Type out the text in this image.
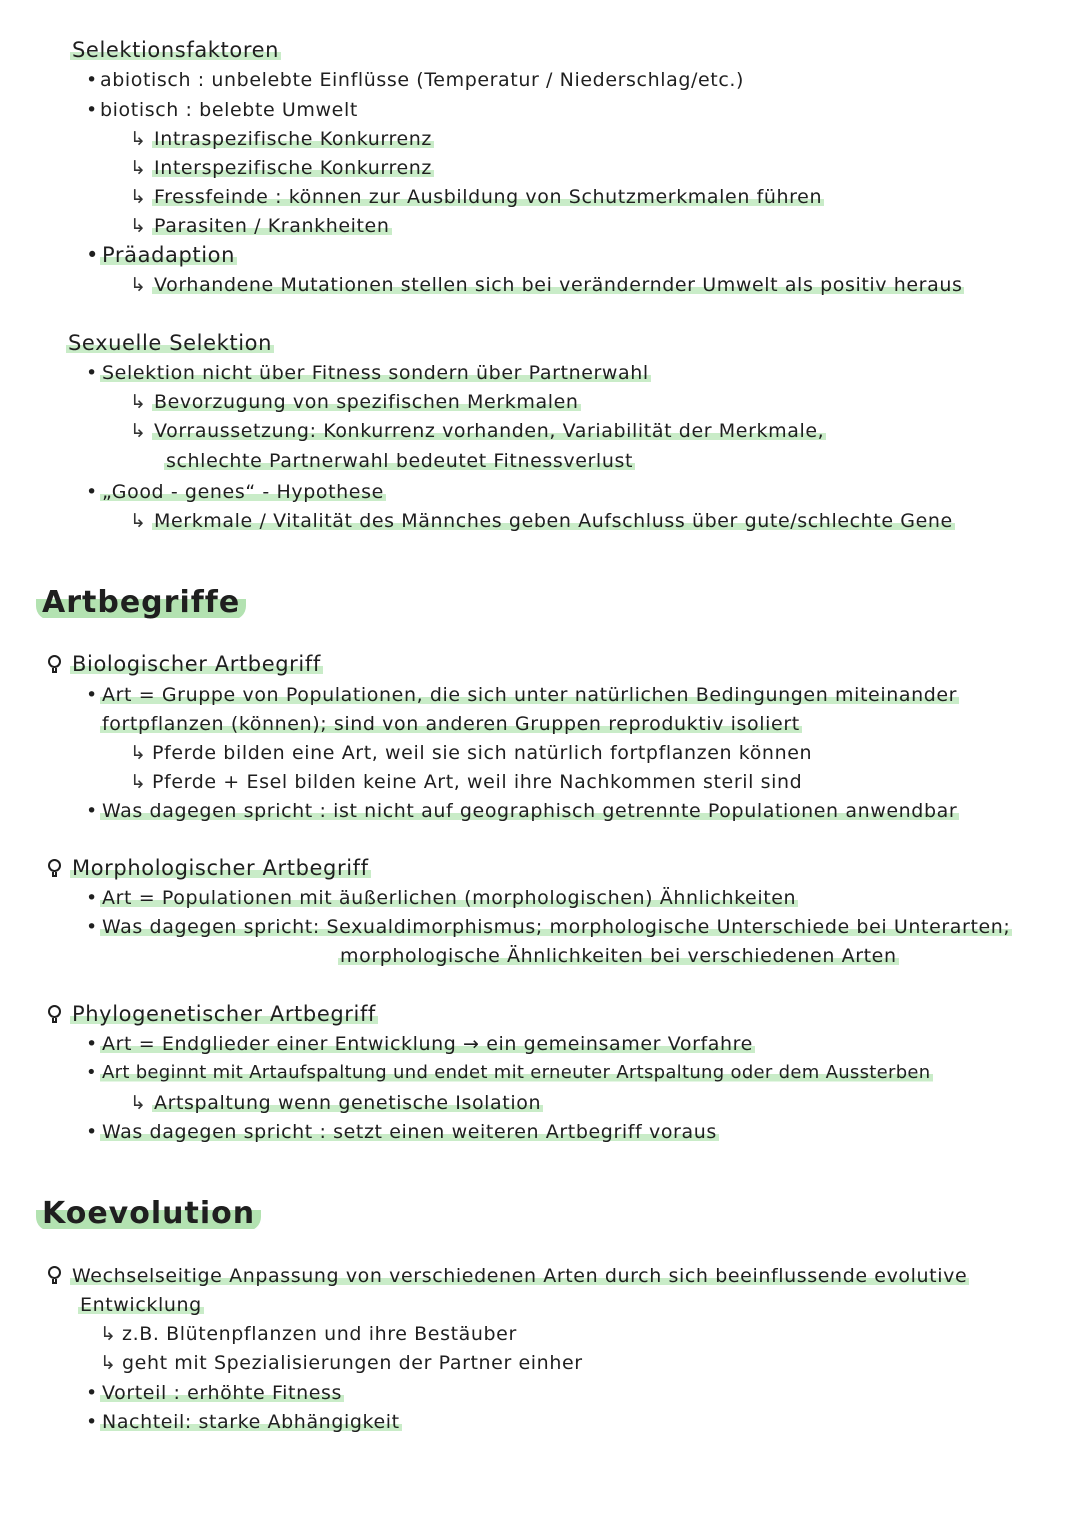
Selektionsfaktoren
• abiotisch : unbelebte Einflüsse (Temperatur / Niederschlag/etc.)
• biotisch : belebte Umwelt
↳ Intraspezifische Konkurrenz
↳ Interspezifische Konkurrenz
↳ Fressfeinde : können zur Ausbildung von Schutzmerkmalen führen
↳ Parasiten / Krankheiten
• Präadaption
↳ Vorhandene Mutationen stellen sich bei verändernder Umwelt als positiv heraus
Sexuelle Selektion
• Selektion nicht über Fitness sondern über Partnerwahl
↳ Bevorzugung von spezifischen Merkmalen
↳ Vorraussetzung: Konkurrenz vorhanden, Variabilität der Merkmale,
schlechte Partnerwahl bedeutet Fitnessverlust
• „Good - genes“ - Hypothese
↳ Merkmale / Vitalität des Männches geben Aufschluss über gute/schlechte Gene
Artbegriffe
Biologischer Artbegriff
• Art = Gruppe von Populationen, die sich unter natürlichen Bedingungen miteinander
fortpflanzen (können); sind von anderen Gruppen reproduktiv isoliert
↳ Pferde bilden eine Art, weil sie sich natürlich fortpflanzen können
↳ Pferde + Esel bilden keine Art, weil ihre Nachkommen steril sind
• Was dagegen spricht : ist nicht auf geographisch getrennte Populationen anwendbar
Morphologischer Artbegriff
• Art = Populationen mit äußerlichen (morphologischen) Ähnlichkeiten
• Was dagegen spricht: Sexualdimorphismus; morphologische Unterschiede bei Unterarten;
morphologische Ähnlichkeiten bei verschiedenen Arten
Phylogenetischer Artbegriff
• Art = Endglieder einer Entwicklung → ein gemeinsamer Vorfahre
• Art beginnt mit Artaufspaltung und endet mit erneuter Artspaltung oder dem Aussterben
↳ Artspaltung wenn genetische Isolation
• Was dagegen spricht : setzt einen weiteren Artbegriff voraus
Koevolution
Wechselseitige Anpassung von verschiedenen Arten durch sich beeinflussende evolutive
Entwicklung
↳ z.B. Blütenpflanzen und ihre Bestäuber
↳ geht mit Spezialisierungen der Partner einher
• Vorteil : erhöhte Fitness
• Nachteil: starke Abhängigkeit
